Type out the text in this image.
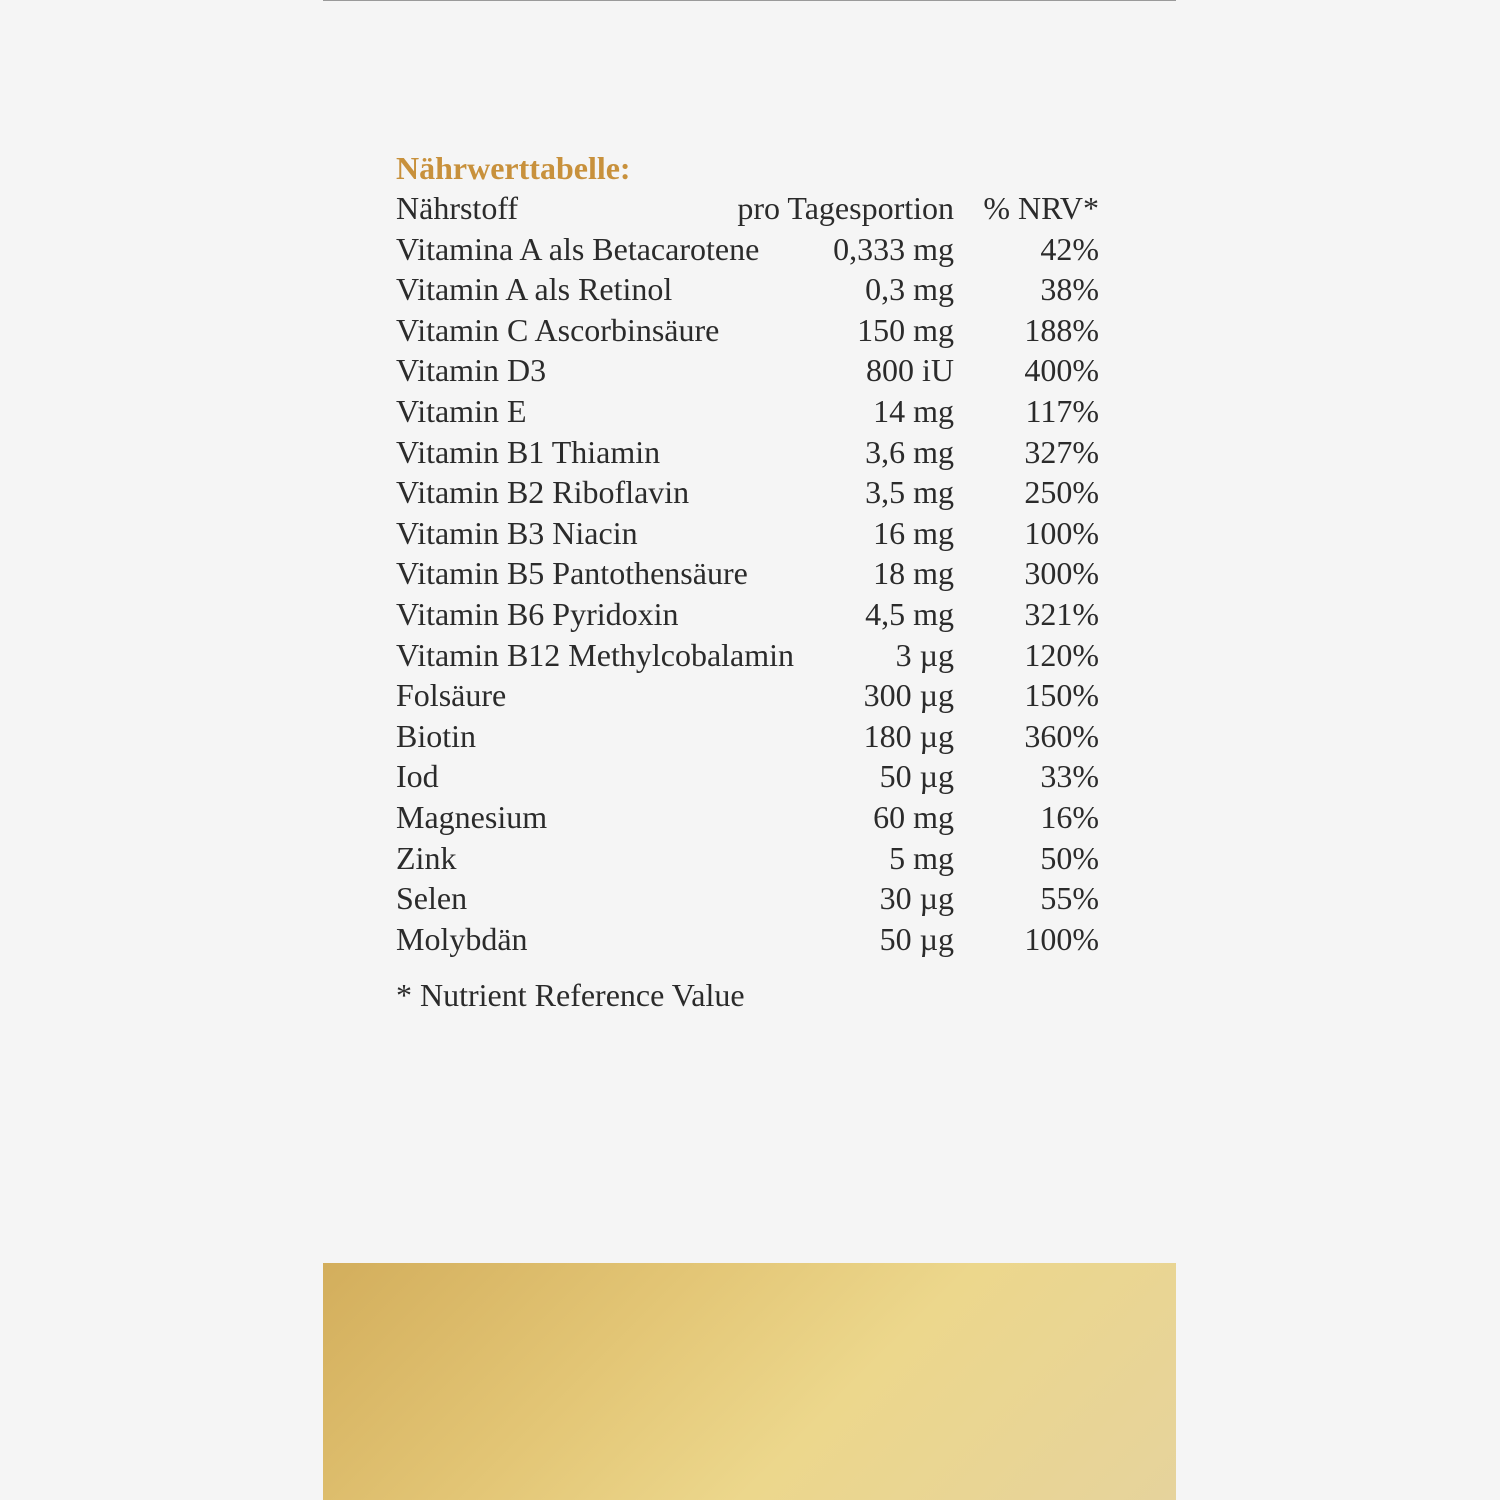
Nährwerttabelle:
Nährstoff	pro Tagesportion % NRV*
Vitamina A als Betacarotene 0,333 mg	42%
Vitamin A als Retinol	0,3 mg	38%
Vitamin C Ascorbinsäure	150 mg 188%
Vitamin D3	800 iU 400%
Vitamin E	14 mg 117%
Vitamin B1 Thiamin	3,6 mg 327%
Vitamin B2 Riboflavin	3,5 mg 250%
Vitamin B3 Niacin	16 mg 100%
Vitamin B5 Pantothensäure	18 mg 300%
Vitamin B6 Pyridoxin	4,5 mg 321%
Vitamin B12 Methylcobalamin	3 µg 120%
Folsäure	300 µg 150%
Biotin	180 µg 360%
Iod	50 µg	33%
Magnesium	60 mg	16%
Zink	5 mg	50%
Selen	30 µg	55%
Molybdän	50 µg 100%
* Nutrient Reference Value
